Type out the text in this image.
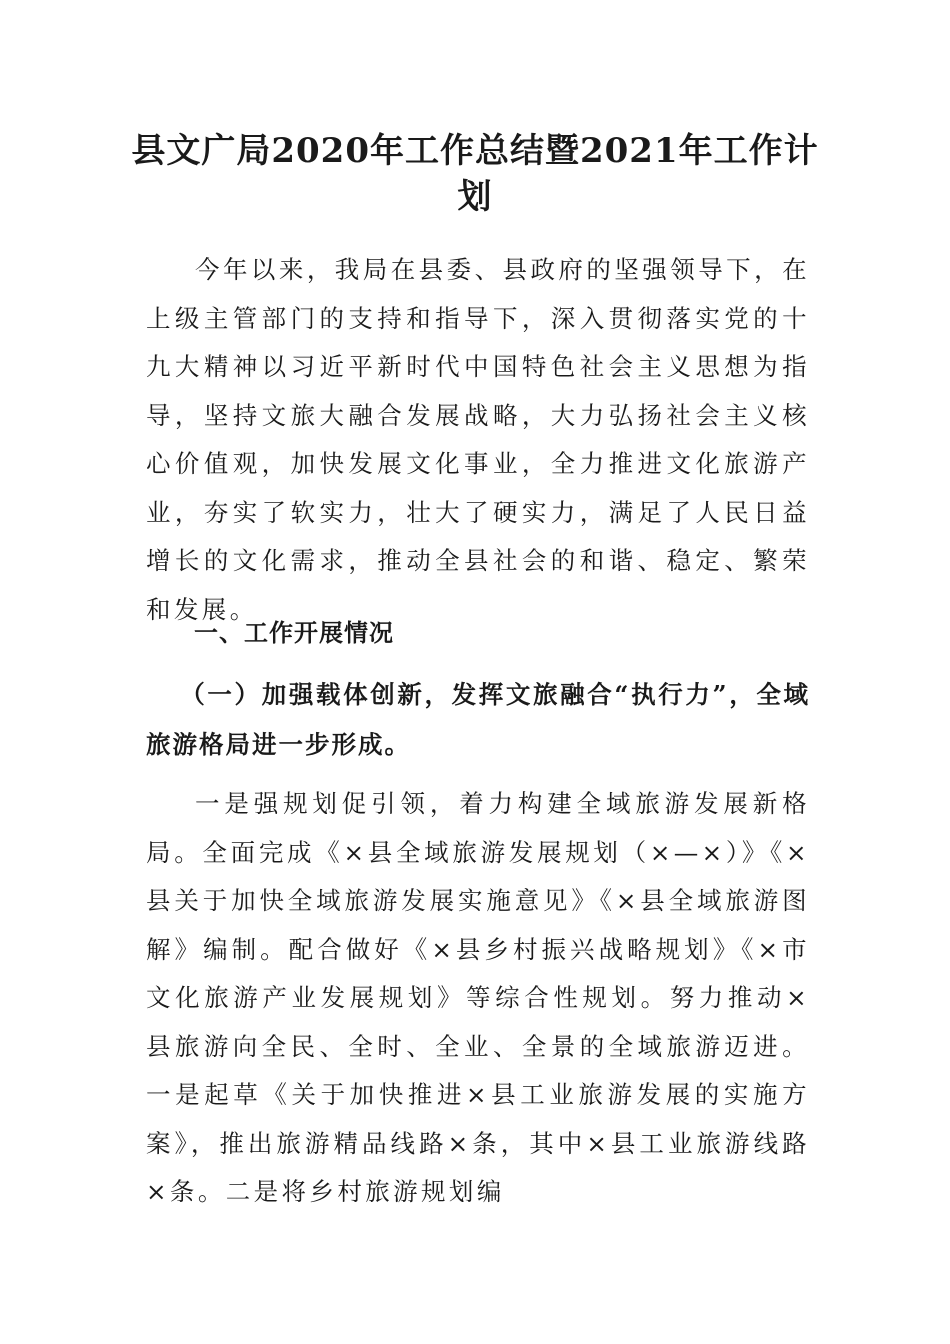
县文广局2020年工作总结暨2021年工作计划

今年以来，我局在县委、县政府的坚强领导下，在上级主管部门的支持和指导下，深入贯彻落实党的十九大精神以习近平新时代中国特色社会主义思想为指导，坚持文旅大融合发展战略，大力弘扬社会主义核心价值观，加快发展文化事业，全力推进文化旅游产业，夯实了软实力，壮大了硬实力，满足了人民日益增长的文化需求，推动全县社会的和谐、稳定、繁荣和发展。

一、工作开展情况
（一）加强载体创新，发挥文旅融合“执行力”，全域旅游格局进一步形成。

一是强规划促引领，着力构建全域旅游发展新格局。全面完成《×县全域旅游发展规划（×—×）》《×县关于加快全域旅游发展实施意见》《×县全域旅游图解》编制。配合做好《×县乡村振兴战略规划》《×市文化旅游产业发展规划》等综合性规划。努力推动×县旅游向全民、全时、全业、全景的全域旅游迈进。一是起草《关于加快推进×县工业旅游发展的实施方案》，推出旅游精品线路×条，其中×县工业旅游线路×条。二是将乡村旅游规划编
